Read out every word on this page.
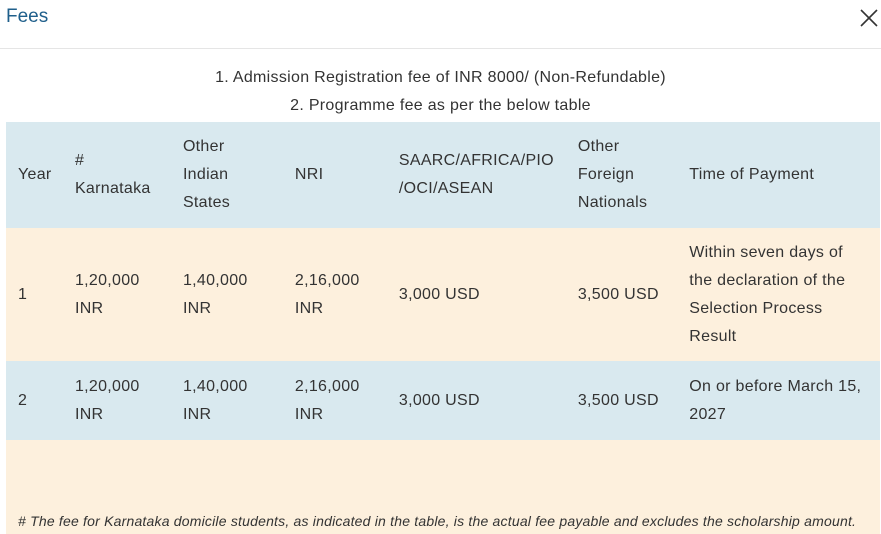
Fees
1. Admission Registration fee of INR 8000/ (Non-Refundable)
2. Programme fee as per the below table
Year	# Karnataka	Other Indian States	NRI	SAARC/AFRICA/PIO /OCI/ASEAN	Other Foreign Nationals	Time of Payment
1	1,20,000 INR	1,40,000 INR	2,16,000 INR	3,000 USD	3,500 USD	Within seven days of the declaration of the Selection Process Result
2	1,20,000 INR	1,40,000 INR	2,16,000 INR	3,000 USD	3,500 USD	On or before March 15, 2027
# The fee for Karnataka domicile students, as indicated in the table, is the actual fee payable and excludes the scholarship amount.						
